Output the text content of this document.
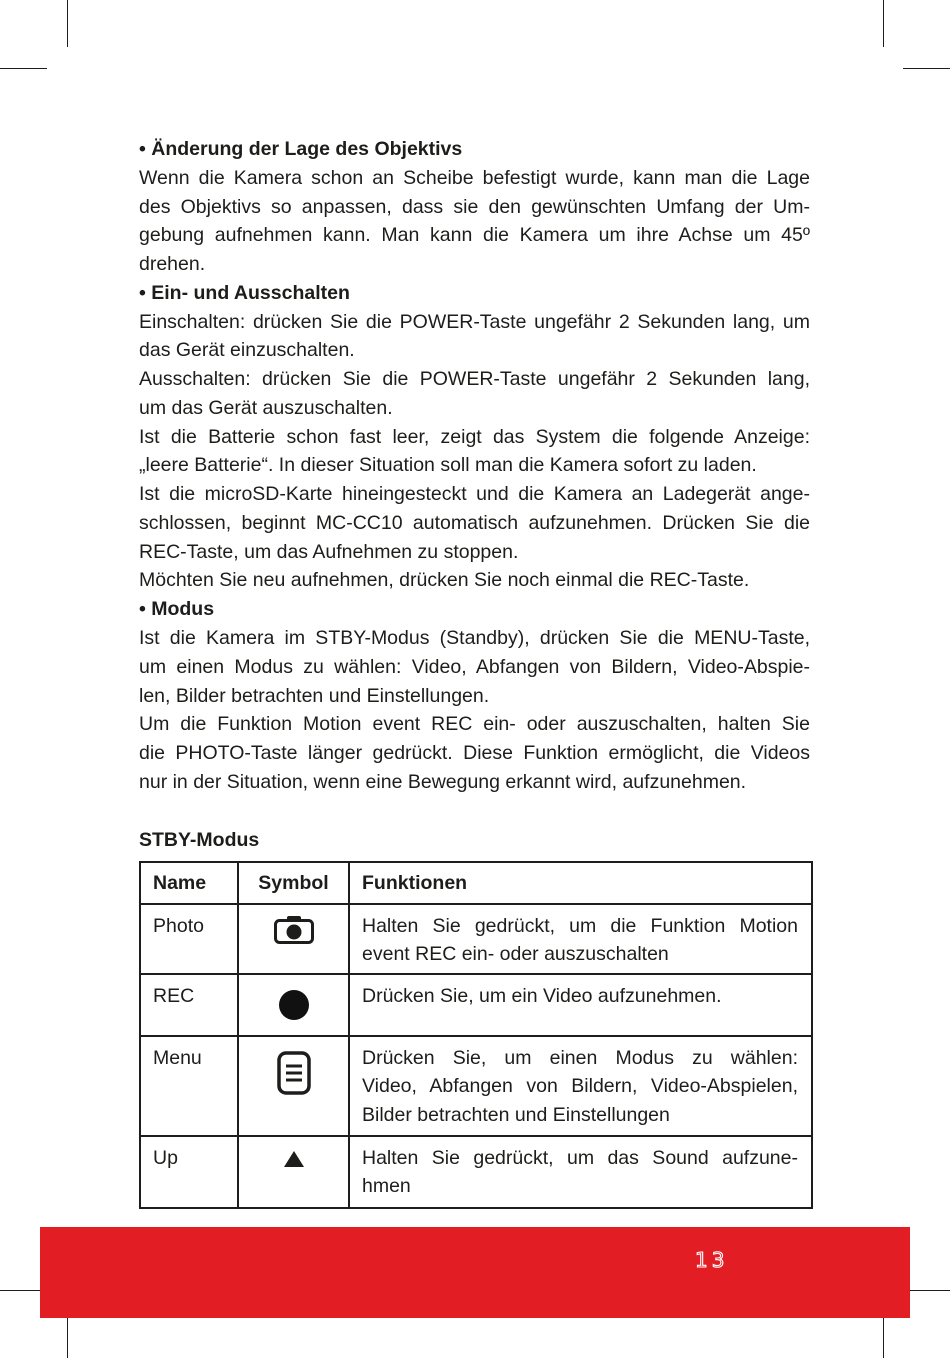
• Änderung der Lage des Objektivs
Wenn die Kamera schon an Scheibe befestigt wurde, kann man die Lage
des Objektivs so anpassen, dass sie den gewünschten Umfang der Um-
gebung aufnehmen kann. Man kann die Kamera um ihre Achse um 45º
drehen.
• Ein- und Ausschalten
Einschalten: drücken Sie die POWER-Taste ungefähr 2 Sekunden lang, um
das Gerät einzuschalten.
Ausschalten: drücken Sie die POWER-Taste ungefähr 2 Sekunden lang,
um das Gerät auszuschalten.
Ist die Batterie schon fast leer, zeigt das System die folgende Anzeige:
„leere Batterie“. In dieser Situation soll man die Kamera sofort zu laden.
Ist die microSD-Karte hineingesteckt und die Kamera an Ladegerät ange-
schlossen, beginnt MC-CC10 automatisch aufzunehmen. Drücken Sie die
REC-Taste, um das Aufnehmen zu stoppen.
Möchten Sie neu aufnehmen, drücken Sie noch einmal die REC-Taste.
• Modus
Ist die Kamera im STBY-Modus (Standby), drücken Sie die MENU-Taste,
um einen Modus zu wählen: Video, Abfangen von Bildern, Video-Abspie-
len, Bilder betrachten und Einstellungen.
Um die Funktion Motion event REC ein- oder auszuschalten, halten Sie
die PHOTO-Taste länger gedrückt. Diese Funktion ermöglicht, die Videos
nur in der Situation, wenn eine Bewegung erkannt wird, aufzunehmen.
STBY-Modus
Name	Symbol	Funktionen
Photo		Halten Sie gedrückt, um die Funktion Motion
event REC ein- oder auszuschalten

REC		Drücken Sie, um ein Video aufzunehmen.

Menu		Drücken Sie, um einen Modus zu wählen:
Video, Abfangen von Bildern, Video-Abspielen,
Bilder betrachten und Einstellungen

Up		Halten Sie gedrückt, um das Sound aufzune-
hmen
13
